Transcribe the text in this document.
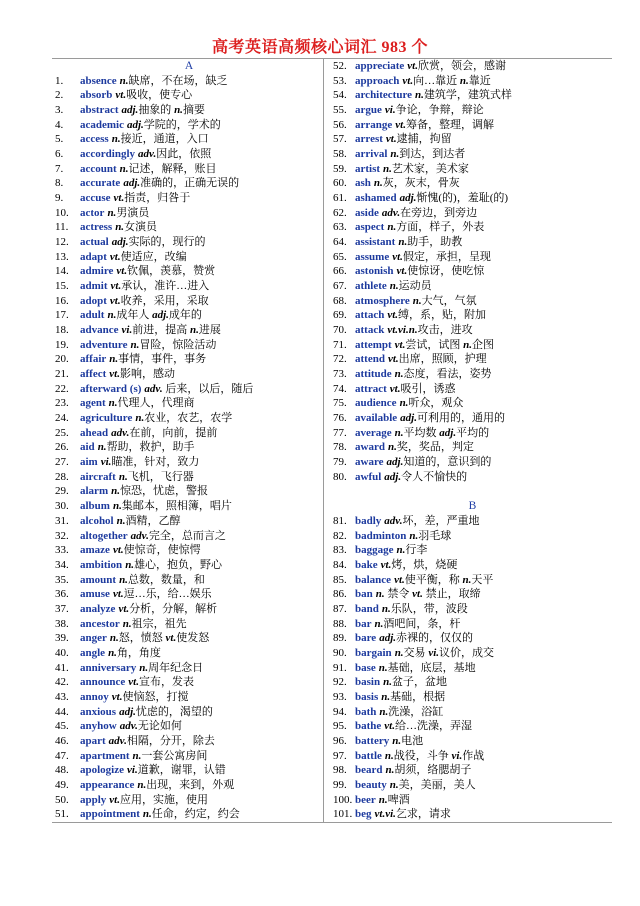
高考英语高频核心词汇 983 个
A
1. absence n.缺席，不在场，缺乏
2. absorb vt.吸收，使专心
3. abstract adj.抽象的 n.摘要
4. academic adj.学院的，学术的
5. access n.接近，通道，入口
6. accordingly adv.因此，依照
7. account n.记述，解释，账目
8. accurate adj.准确的，正确无误的
9. accuse vt.指责，归咎于
10. actor n.男演员
11. actress n.女演员
12. actual adj.实际的，现行的
13. adapt vt.使适应，改编
14. admire vt.钦佩，羡慕，赞赏
15. admit vt.承认，准许…进入
16. adopt vt.收养，采用，采取
17. adult n.成年人 adj.成年的
18. advance vi.前进，提高 n.进展
19. adventure n.冒险，惊险活动
20. affair n.事情，事件，事务
21. affect vt.影响，感动
22. afterward (s) adv. 后来，以后，随后
23. agent n.代理人，代理商
24. agriculture n.农业，农艺，农学
25. ahead adv.在前，向前，提前
26. aid n.帮助，救护，助手
27. aim vi.瞄准，针对，致力
28. aircraft n.飞机，飞行器
29. alarm n.惊恐，忧虑，警报
30. album n.集邮本，照相簿，唱片
31. alcohol n.酒精，乙醇
32. altogether adv.完全，总而言之
33. amaze vt.使惊奇，使惊愕
34. ambition n.雄心，抱负，野心
35. amount n.总数，数量，和
36. amuse vt.逗…乐，给…娱乐
37. analyze vt.分析，分解，解析
38. ancestor n.祖宗，祖先
39. anger n.怒，愤怒 vt.使发怒
40. angle n.角，角度
41. anniversary n.周年纪念日
42. announce vt.宣布，发表
43. annoy vt.使恼怒，打搅
44. anxious adj.忧虑的，渴望的
45. anyhow adv.无论如何
46. apart adv.相隔，分开，除去
47. apartment n.一套公寓房间
48. apologize vi.道歉，谢罪，认错
49. appearance n.出现，来到，外观
50. apply vt.应用，实施，使用
51. appointment n.任命，约定，约会
52. appreciate vt.欣赏，领会，感谢
53. approach vt.向…靠近 n.靠近
54. architecture n.建筑学，建筑式样
55. argue vi.争论，争辩，辩论
56. arrange vt.筹备，整理，调解
57. arrest vt.逮捕，拘留
58. arrival n.到达，到达者
59. artist n.艺术家，美术家
60. ash n.灰，灰末，骨灰
61. ashamed adj.惭愧(的)，羞耻(的)
62. aside adv.在旁边，到旁边
63. aspect n.方面，样子，外表
64. assistant n.助手，助教
65. assume vt.假定，承担，呈现
66. astonish vt.使惊讶，使吃惊
67. athlete n.运动员
68. atmosphere n.大气，气氛
69. attach vt.缚，系，贴，附加
70. attack vt.vi.n.攻击，进攻
71. attempt vt.尝试，试图 n.企图
72. attend vt.出席，照顾，护理
73. attitude n.态度，看法，姿势
74. attract vt.吸引，诱惑
75. audience n.听众，观众
76. available adj.可利用的，通用的
77. average n.平均数 adj.平均的
78. award n.奖，奖品，判定
79. aware adj.知道的，意识到的
80. awful adj.令人不愉快的
B
81. badly adv.坏，差，严重地
82. badminton n.羽毛球
83. baggage n.行李
84. bake vt.烤，烘，烧硬
85. balance vt.使平衡，称 n.天平
86. ban n. 禁令 vt. 禁止，取缔
87. band n.乐队，带，波段
88. bar n.酒吧间，条，杆
89. bare adj.赤裸的，仅仅的
90. bargain n.交易 vi.议价，成交
91. base n.基础，底层，基地
92. basin n.盆子，盆地
93. basis n.基础，根据
94. bath n.洗澡，浴缸
95. bathe vt.给…洗澡，弄湿
96. battery n.电池
97. battle n.战役，斗争 vi.作战
98. beard n.胡须，络腮胡子
99. beauty n.美，美丽，美人
100. beer n.啤酒
101. beg vt.vi.乞求，请求
